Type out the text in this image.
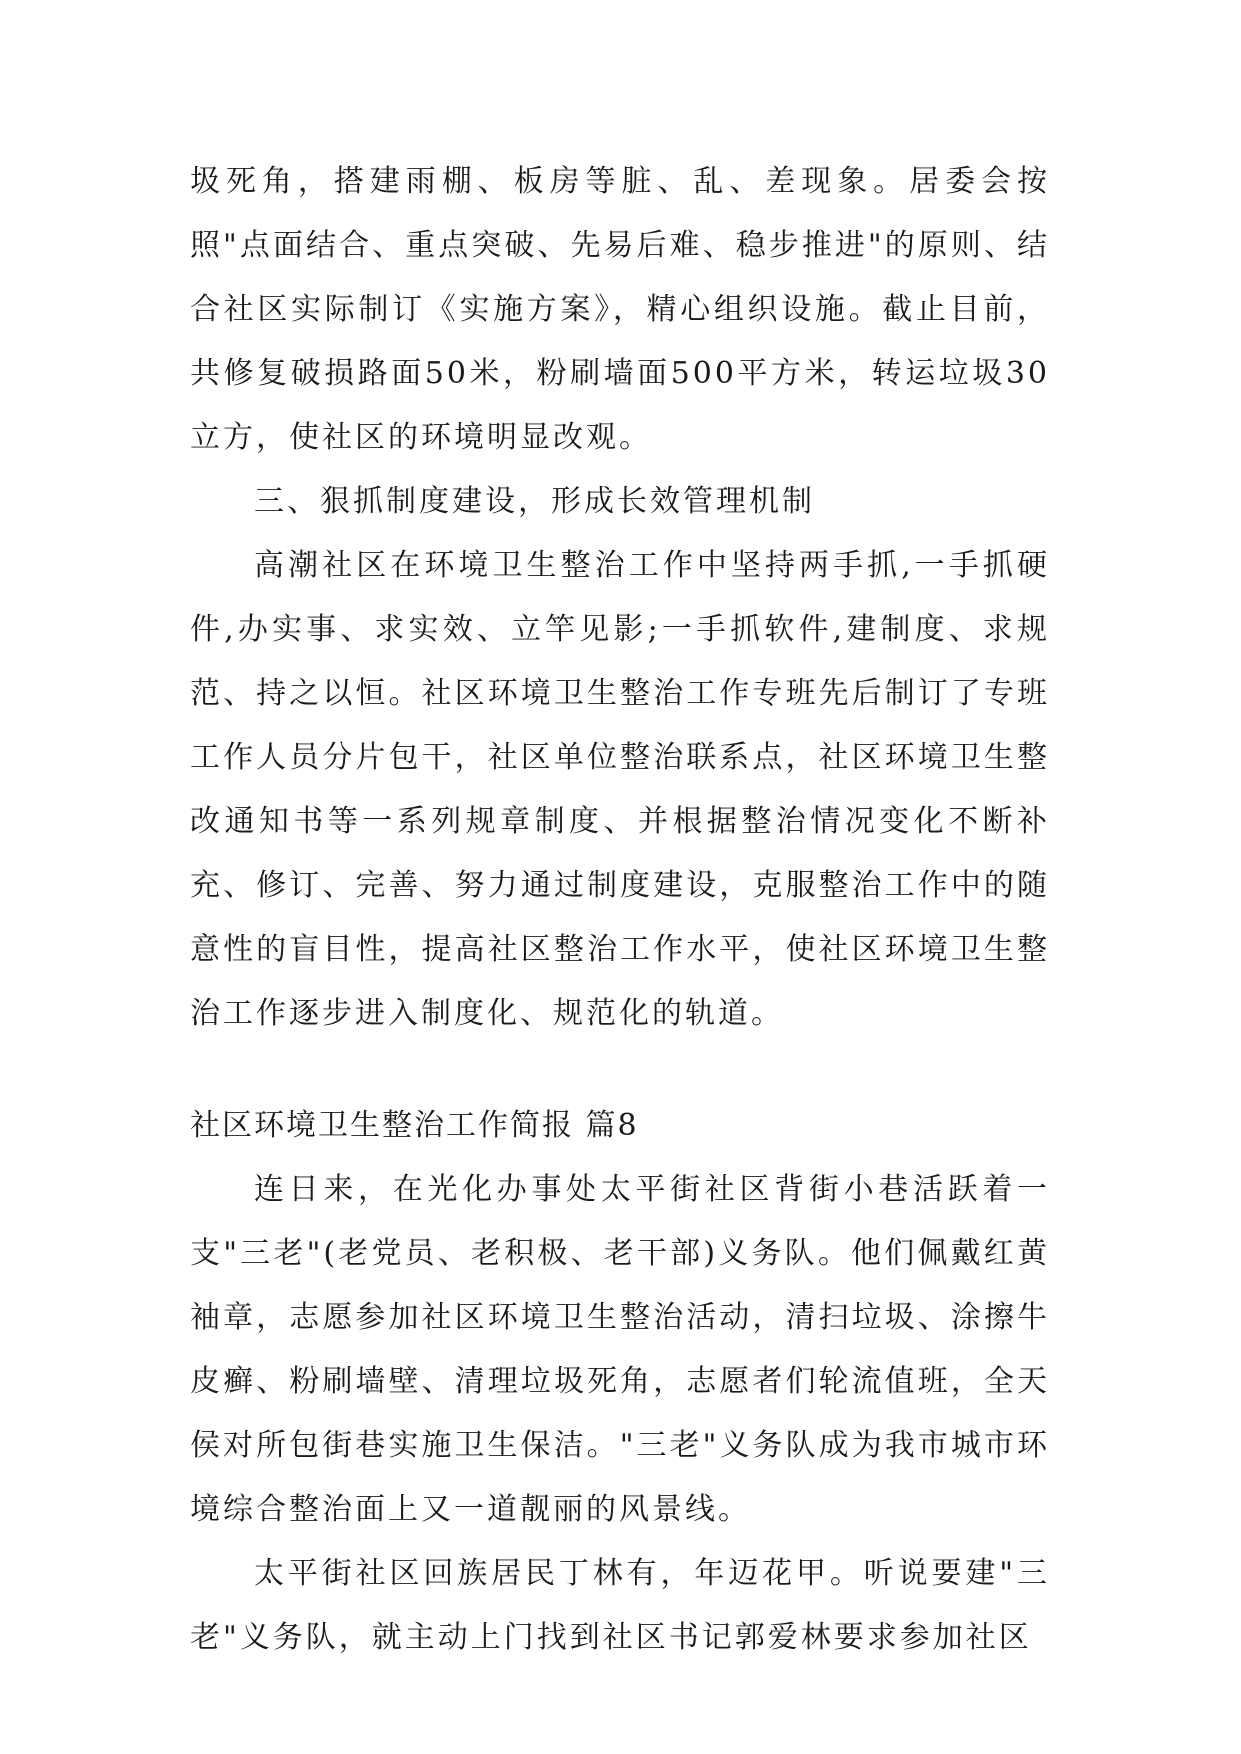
圾死角，搭建雨棚、板房等脏、乱、差现象。居委会按照"点面结合、重点突破、先易后难、稳步推进"的原则、结合社区实际制订《实施方案》，精心组织设施。截止目前，共修复破损路面50米，粉刷墙面500平方米，转运垃圾30立方，使社区的环境明显改观。

三、狠抓制度建设，形成长效管理机制

高潮社区在环境卫生整治工作中坚持两手抓,一手抓硬件,办实事、求实效、立竿见影;一手抓软件,建制度、求规范、持之以恒。社区环境卫生整治工作专班先后制订了专班工作人员分片包干，社区单位整治联系点，社区环境卫生整改通知书等一系列规章制度、并根据整治情况变化不断补充、修订、完善、努力通过制度建设，克服整治工作中的随意性的盲目性，提高社区整治工作水平，使社区环境卫生整治工作逐步进入制度化、规范化的轨道。

社区环境卫生整治工作简报 篇8

连日来，在光化办事处太平街社区背街小巷活跃着一支"三老"(老党员、老积极、老干部)义务队。他们佩戴红黄袖章，志愿参加社区环境卫生整治活动，清扫垃圾、涂擦牛皮癣、粉刷墙壁、清理垃圾死角，志愿者们轮流值班，全天侯对所包街巷实施卫生保洁。"三老"义务队成为我市城市环境综合整治面上又一道靓丽的风景线。

太平街社区回族居民丁林有，年迈花甲。听说要建"三老"义务队，就主动上门找到社区书记郭爱林要求参加社区
